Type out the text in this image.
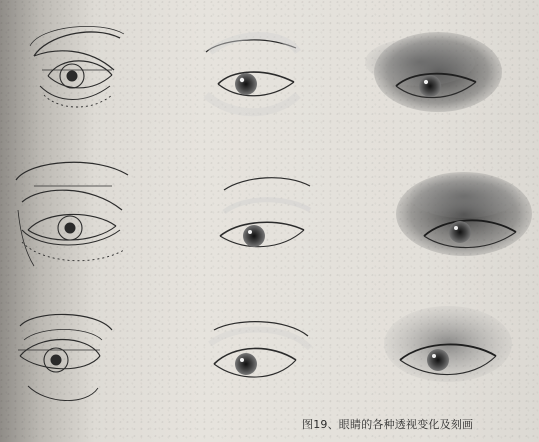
图19、眼睛的各种透视变化及刻画
